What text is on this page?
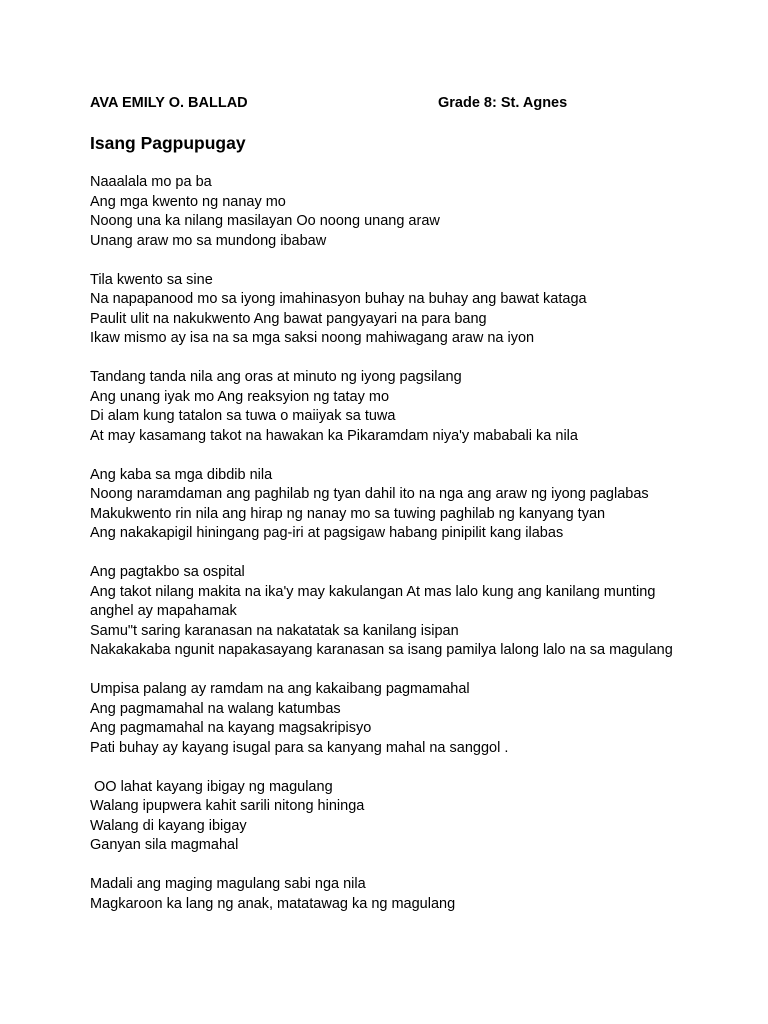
AVA EMILY O. BALLAD	Grade 8: St. Agnes
Isang Pagpupugay
Naaalala mo pa ba
Ang mga kwento ng nanay mo
Noong una ka nilang masilayan Oo noong unang araw
Unang araw mo sa mundong ibabaw
Tila kwento sa sine
Na napapanood mo sa iyong imahinasyon buhay na buhay ang bawat kataga
Paulit ulit na nakukwento Ang bawat pangyayari na para bang
Ikaw mismo ay isa na sa mga saksi noong mahiwagang araw na iyon
Tandang tanda nila ang oras at minuto ng iyong pagsilang
Ang unang iyak mo Ang reaksyion ng tatay mo
Di alam kung tatalon sa tuwa o maiiyak sa tuwa
At may kasamang takot na hawakan ka Pikaramdam niya'y mababali ka nila
Ang kaba sa mga dibdib nila
Noong naramdaman ang paghilab ng tyan dahil ito na nga ang araw ng iyong paglabas
Makukwento rin nila ang hirap ng nanay mo sa tuwing paghilab ng kanyang tyan
Ang nakakapigil hiningang pag-iri at pagsigaw habang pinipilit kang ilabas
Ang pagtakbo sa ospital
Ang takot nilang makita na ika'y may kakulangan At mas lalo kung ang kanilang munting anghel ay mapahamak
Samu"t saring karanasan na nakatatak sa kanilang isipan
Nakakakaba ngunit napakasayang karanasan sa isang pamilya lalong lalo na sa magulang
Umpisa palang ay ramdam na ang kakaibang pagmamahal
Ang pagmamahal na walang katumbas
Ang pagmamahal na kayang magsakripisyo
Pati buhay ay kayang isugal para sa kanyang mahal na sanggol .
OO lahat kayang ibigay ng magulang
Walang ipupwera kahit sarili nitong hininga
Walang di kayang ibigay
Ganyan sila magmahal
Madali ang maging magulang sabi nga nila
Magkaroon ka lang ng anak, matatawag ka ng magulang
